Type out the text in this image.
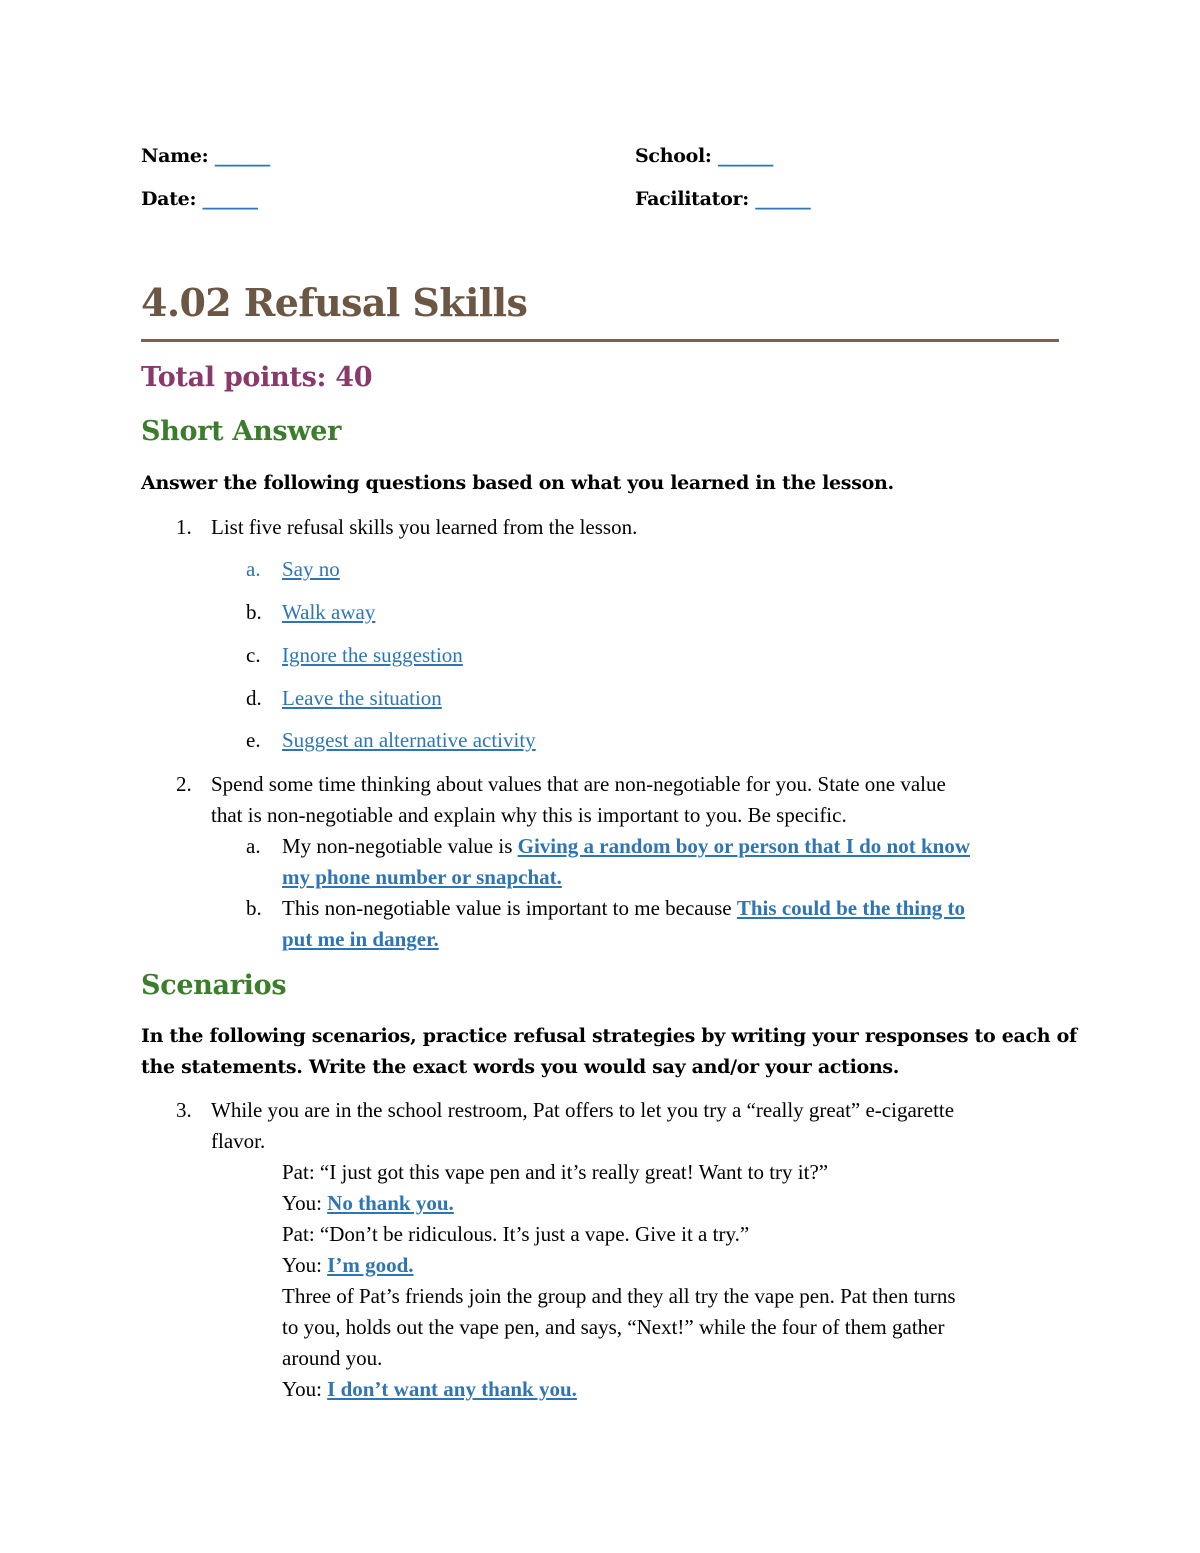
Name: ______
Date: ______
School: ______
Facilitator: ______
4.02 Refusal Skills
Total points: 40
Short Answer
Answer the following questions based on what you learned in the lesson.
1. List five refusal skills you learned from the lesson.
a. Say no
b. Walk away
c. Ignore the suggestion
d. Leave the situation
e. Suggest an alternative activity
2. Spend some time thinking about values that are non-negotiable for you. State one value
that is non-negotiable and explain why this is important to you. Be specific.
a. My non-negotiable value is Giving a random boy or person that I do not know
my phone number or snapchat.
b. This non-negotiable value is important to me because This could be the thing to
put me in danger.
Scenarios
In the following scenarios, practice refusal strategies by writing your responses to each of
the statements. Write the exact words you would say and/or your actions.
3. While you are in the school restroom, Pat offers to let you try a “really great” e-cigarette
flavor.
Pat: “I just got this vape pen and it’s really great! Want to try it?”
You: No thank you.
Pat: “Don’t be ridiculous. It’s just a vape. Give it a try.”
You: I’m good.
Three of Pat’s friends join the group and they all try the vape pen. Pat then turns
to you, holds out the vape pen, and says, “Next!” while the four of them gather
around you.
You: I don’t want any thank you.
